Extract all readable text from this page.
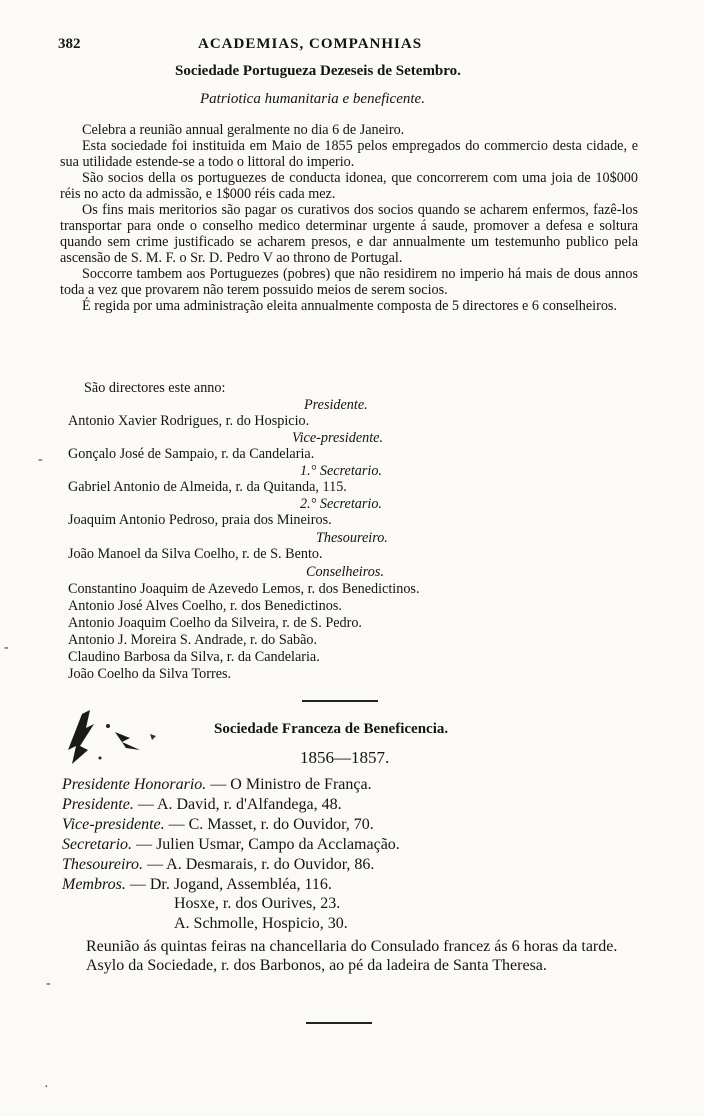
382	ACADEMIAS, COMPANHIAS
Sociedade Portugueza Dezeseis de Setembro.
Patriotica humanitaria e beneficente.

Celebra a reunião annual geralmente no dia 6 de Janeiro.

Esta sociedade foi instituida em Maio de 1855 pelos empregados do commercio desta cidade, e sua utilidade estende-se a todo o littoral do imperio.

São socios della os portuguezes de conducta idonea, que concorrerem com uma joia de 10$000 réis no acto da admissão, e 1$000 réis cada mez.

Os fins mais meritorios são pagar os curativos dos socios quando se acharem enfermos, fazê-los transportar para onde o conselho medico determinar urgente á saude, promover a defesa e soltura quando sem crime justificado se acharem presos, e dar annualmente um testemunho publico pela ascensão de S. M. F. o Sr. D. Pedro V ao throno de Portugal.

Soccorre tambem aos Portuguezes (pobres) que não residirem no imperio há mais de dous annos toda a vez que provarem não terem possuido meios de serem socios.

É regida por uma administração eleita annualmente composta de 5 directores e 6 conselheiros.

São directores este anno:
Presidente.
Antonio Xavier Rodrigues, r. do Hospicio.
Vice-presidente.
Gonçalo José de Sampaio, r. da Candelaria.
1.° Secretario.
Gabriel Antonio de Almeida, r. da Quitanda, 115.
2.° Secretario.
Joaquim Antonio Pedroso, praia dos Mineiros.
Thesoureiro.
João Manoel da Silva Coelho, r. de S. Bento.
Conselheiros.
Constantino Joaquim de Azevedo Lemos, r. dos Benedictinos.
Antonio José Alves Coelho, r. dos Benedictinos.
Antonio Joaquim Coelho da Silveira, r. de S. Pedro.
Antonio J. Moreira S. Andrade, r. do Sabão.
Claudino Barbosa da Silva, r. da Candelaria.
João Coelho da Silva Torres.
Sociedade Franceza de Beneficencia.
1856—1857.
Presidente Honorario. — O Ministro de França.
Presidente. — A. David, r. d'Alfandega, 48.
Vice-presidente. — C. Masset, r. do Ouvidor, 70.
Secretario. — Julien Usmar, Campo da Acclamação.
Thesoureiro. — A. Desmarais, r. do Ouvidor, 86.
Membros. — Dr. Jogand, Assembléa, 116.
Hosxe, r. dos Ourives, 23.
A. Schmolle, Hospicio, 30.

Reunião ás quintas feiras na chancellaria do Consulado francez ás 6 horas da tarde.

Asylo da Sociedade, r. dos Barbonos, ao pé da ladeira de Santa Theresa.

-
-
-
·
